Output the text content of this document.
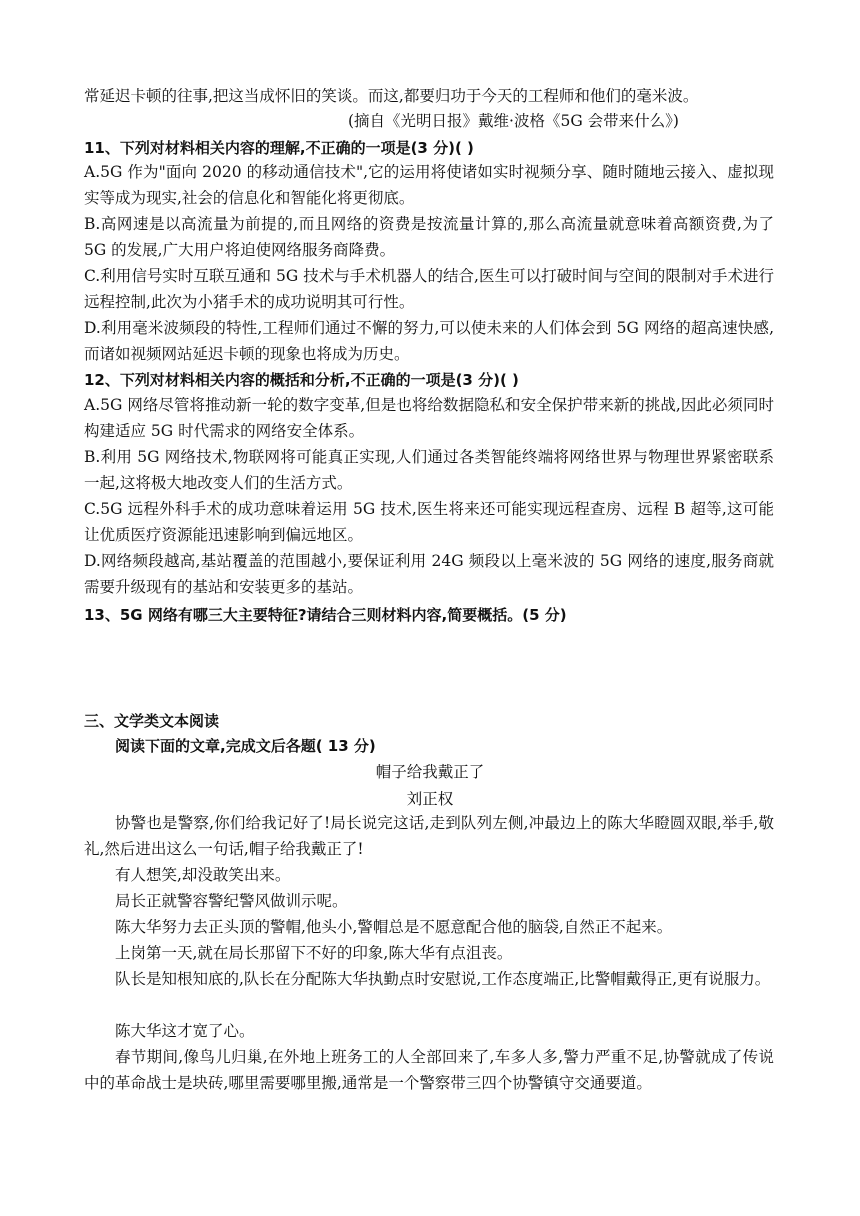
常延迟卡顿的往事,把这当成怀旧的笑谈。而这,都要归功于今天的工程师和他们的毫米波。
(摘自《光明日报》戴维·波格《5G 会带来什么》)
11、下列对材料相关内容的理解,不正确的一项是(3 分)( )
A.5G 作为"面向 2020 的移动通信技术",它的运用将使诸如实时视频分享、随时随地云接入、虚拟现实等成为现实,社会的信息化和智能化将更彻底。
B.高网速是以高流量为前提的,而且网络的资费是按流量计算的,那么高流量就意味着高额资费,为了 5G 的发展,广大用户将迫使网络服务商降费。
C.利用信号实时互联互通和 5G 技术与手术机器人的结合,医生可以打破时间与空间的限制对手术进行远程控制,此次为小猪手术的成功说明其可行性。
D.利用毫米波频段的特性,工程师们通过不懈的努力,可以使未来的人们体会到 5G 网络的超高速快感,而诸如视频网站延迟卡顿的现象也将成为历史。
12、下列对材料相关内容的概括和分析,不正确的一项是(3 分)( )
A.5G 网络尽管将推动新一轮的数字变革,但是也将给数据隐私和安全保护带来新的挑战,因此必须同时构建适应 5G 时代需求的网络安全体系。
B.利用 5G 网络技术,物联网将可能真正实现,人们通过各类智能终端将网络世界与物理世界紧密联系一起,这将极大地改变人们的生活方式。
C.5G 远程外科手术的成功意味着运用 5G 技术,医生将来还可能实现远程查房、远程 B 超等,这可能让优质医疗资源能迅速影响到偏远地区。
D.网络频段越高,基站覆盖的范围越小,要保证利用 24G 频段以上毫米波的 5G 网络的速度,服务商就需要升级现有的基站和安装更多的基站。
13、5G 网络有哪三大主要特征?请结合三则材料内容,简要概括。(5 分)
三、文学类文本阅读
阅读下面的文章,完成文后各题( 13 分)
帽子给我戴正了
刘正权
协警也是警察,你们给我记好了!局长说完这话,走到队列左侧,冲最边上的陈大华瞪圆双眼,举手,敬礼,然后进出这么一句话,帽子给我戴正了!
有人想笑,却没敢笑出来。
局长正就警容警纪警风做训示呢。
陈大华努力去正头顶的警帽,他头小,警帽总是不愿意配合他的脑袋,自然正不起来。
上岗第一天,就在局长那留下不好的印象,陈大华有点沮丧。
队长是知根知底的,队长在分配陈大华执勤点时安慰说,工作态度端正,比警帽戴得正,更有说服力。
陈大华这才宽了心。
春节期间,像鸟儿归巢,在外地上班务工的人全部回来了,车多人多,警力严重不足,协警就成了传说中的革命战士是块砖,哪里需要哪里搬,通常是一个警察带三四个协警镇守交通要道。
